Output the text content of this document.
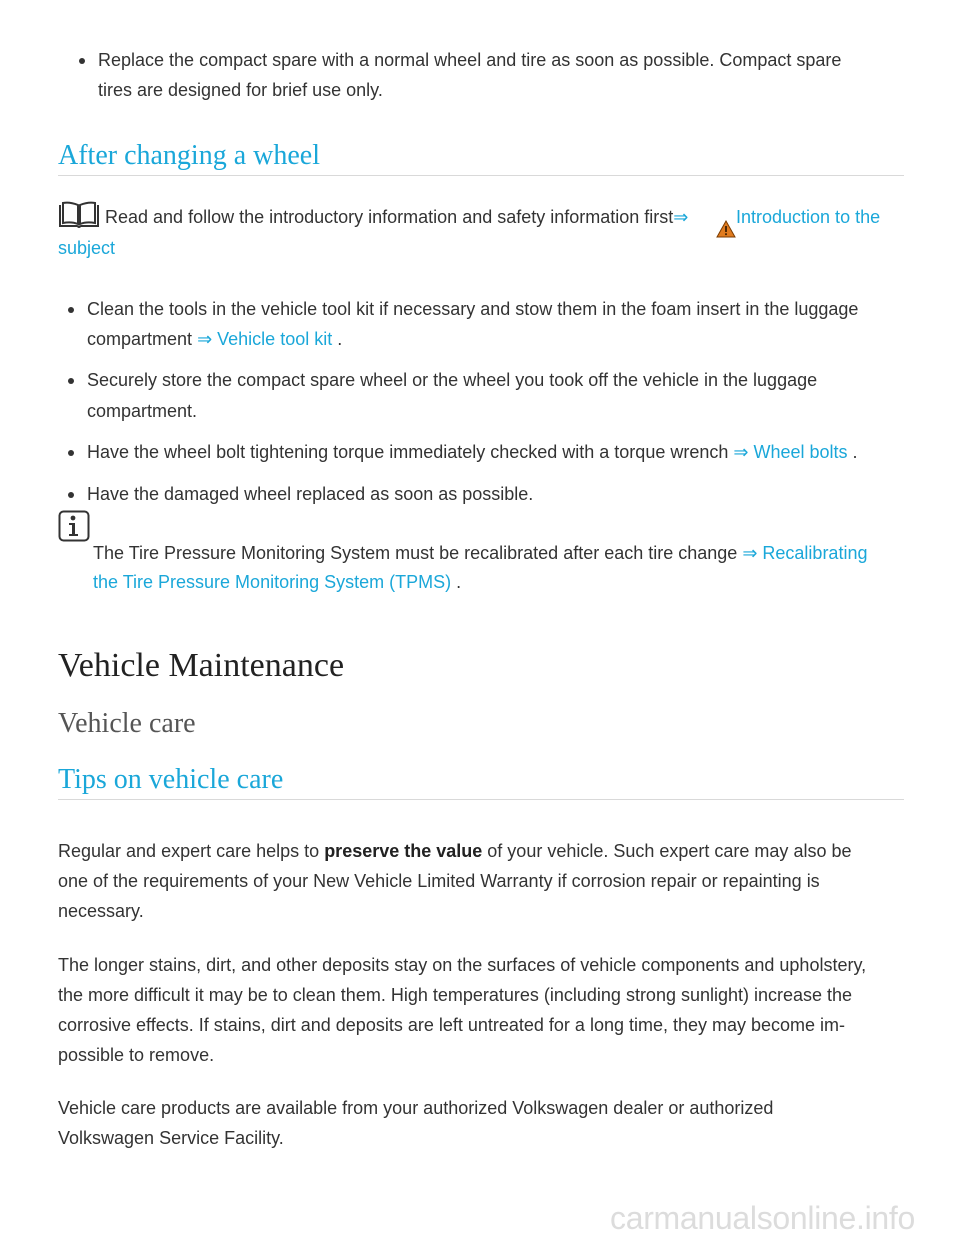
Replace the compact spare with a normal wheel and tire as soon as possible. Compact spare

tires are designed for brief use only.

After changing a wheel

Read and follow the introductory information and safety information first⇒	Introduction to the

subject

Clean the tools in the vehicle tool kit if necessary and stow them in the foam insert in the luggage

compartment ⇒ Vehicle tool kit .

Securely store the compact spare wheel or the wheel you took off the vehicle in the luggage

compartment.

Have the wheel bolt tightening torque immediately checked with a torque wrench ⇒ Wheel bolts .

Have the damaged wheel replaced as soon as possible.

The Tire Pressure Monitoring System must be recalibrated after each tire change ⇒ Recalibrating

the Tire Pressure Monitoring System (TPMS) .

Vehicle Maintenance
Vehicle care
Tips on vehicle care

Regular and expert care helps to preserve the value of your vehicle. Such expert care may also be

one of the requirements of your New Vehicle Limited Warranty if corrosion repair or repainting is

necessary.

The longer stains, dirt, and other deposits stay on the surfaces of vehicle components and upholstery,

the more difficult it may be to clean them. High temperatures (including strong sunlight) increase the

corrosive effects. If stains, dirt and deposits are left untreated for a long time, they may become im-

possible to remove.

Vehicle care products are available from your authorized Volkswagen dealer or authorized

Volkswagen Service Facility.

carmanualsonline.info
